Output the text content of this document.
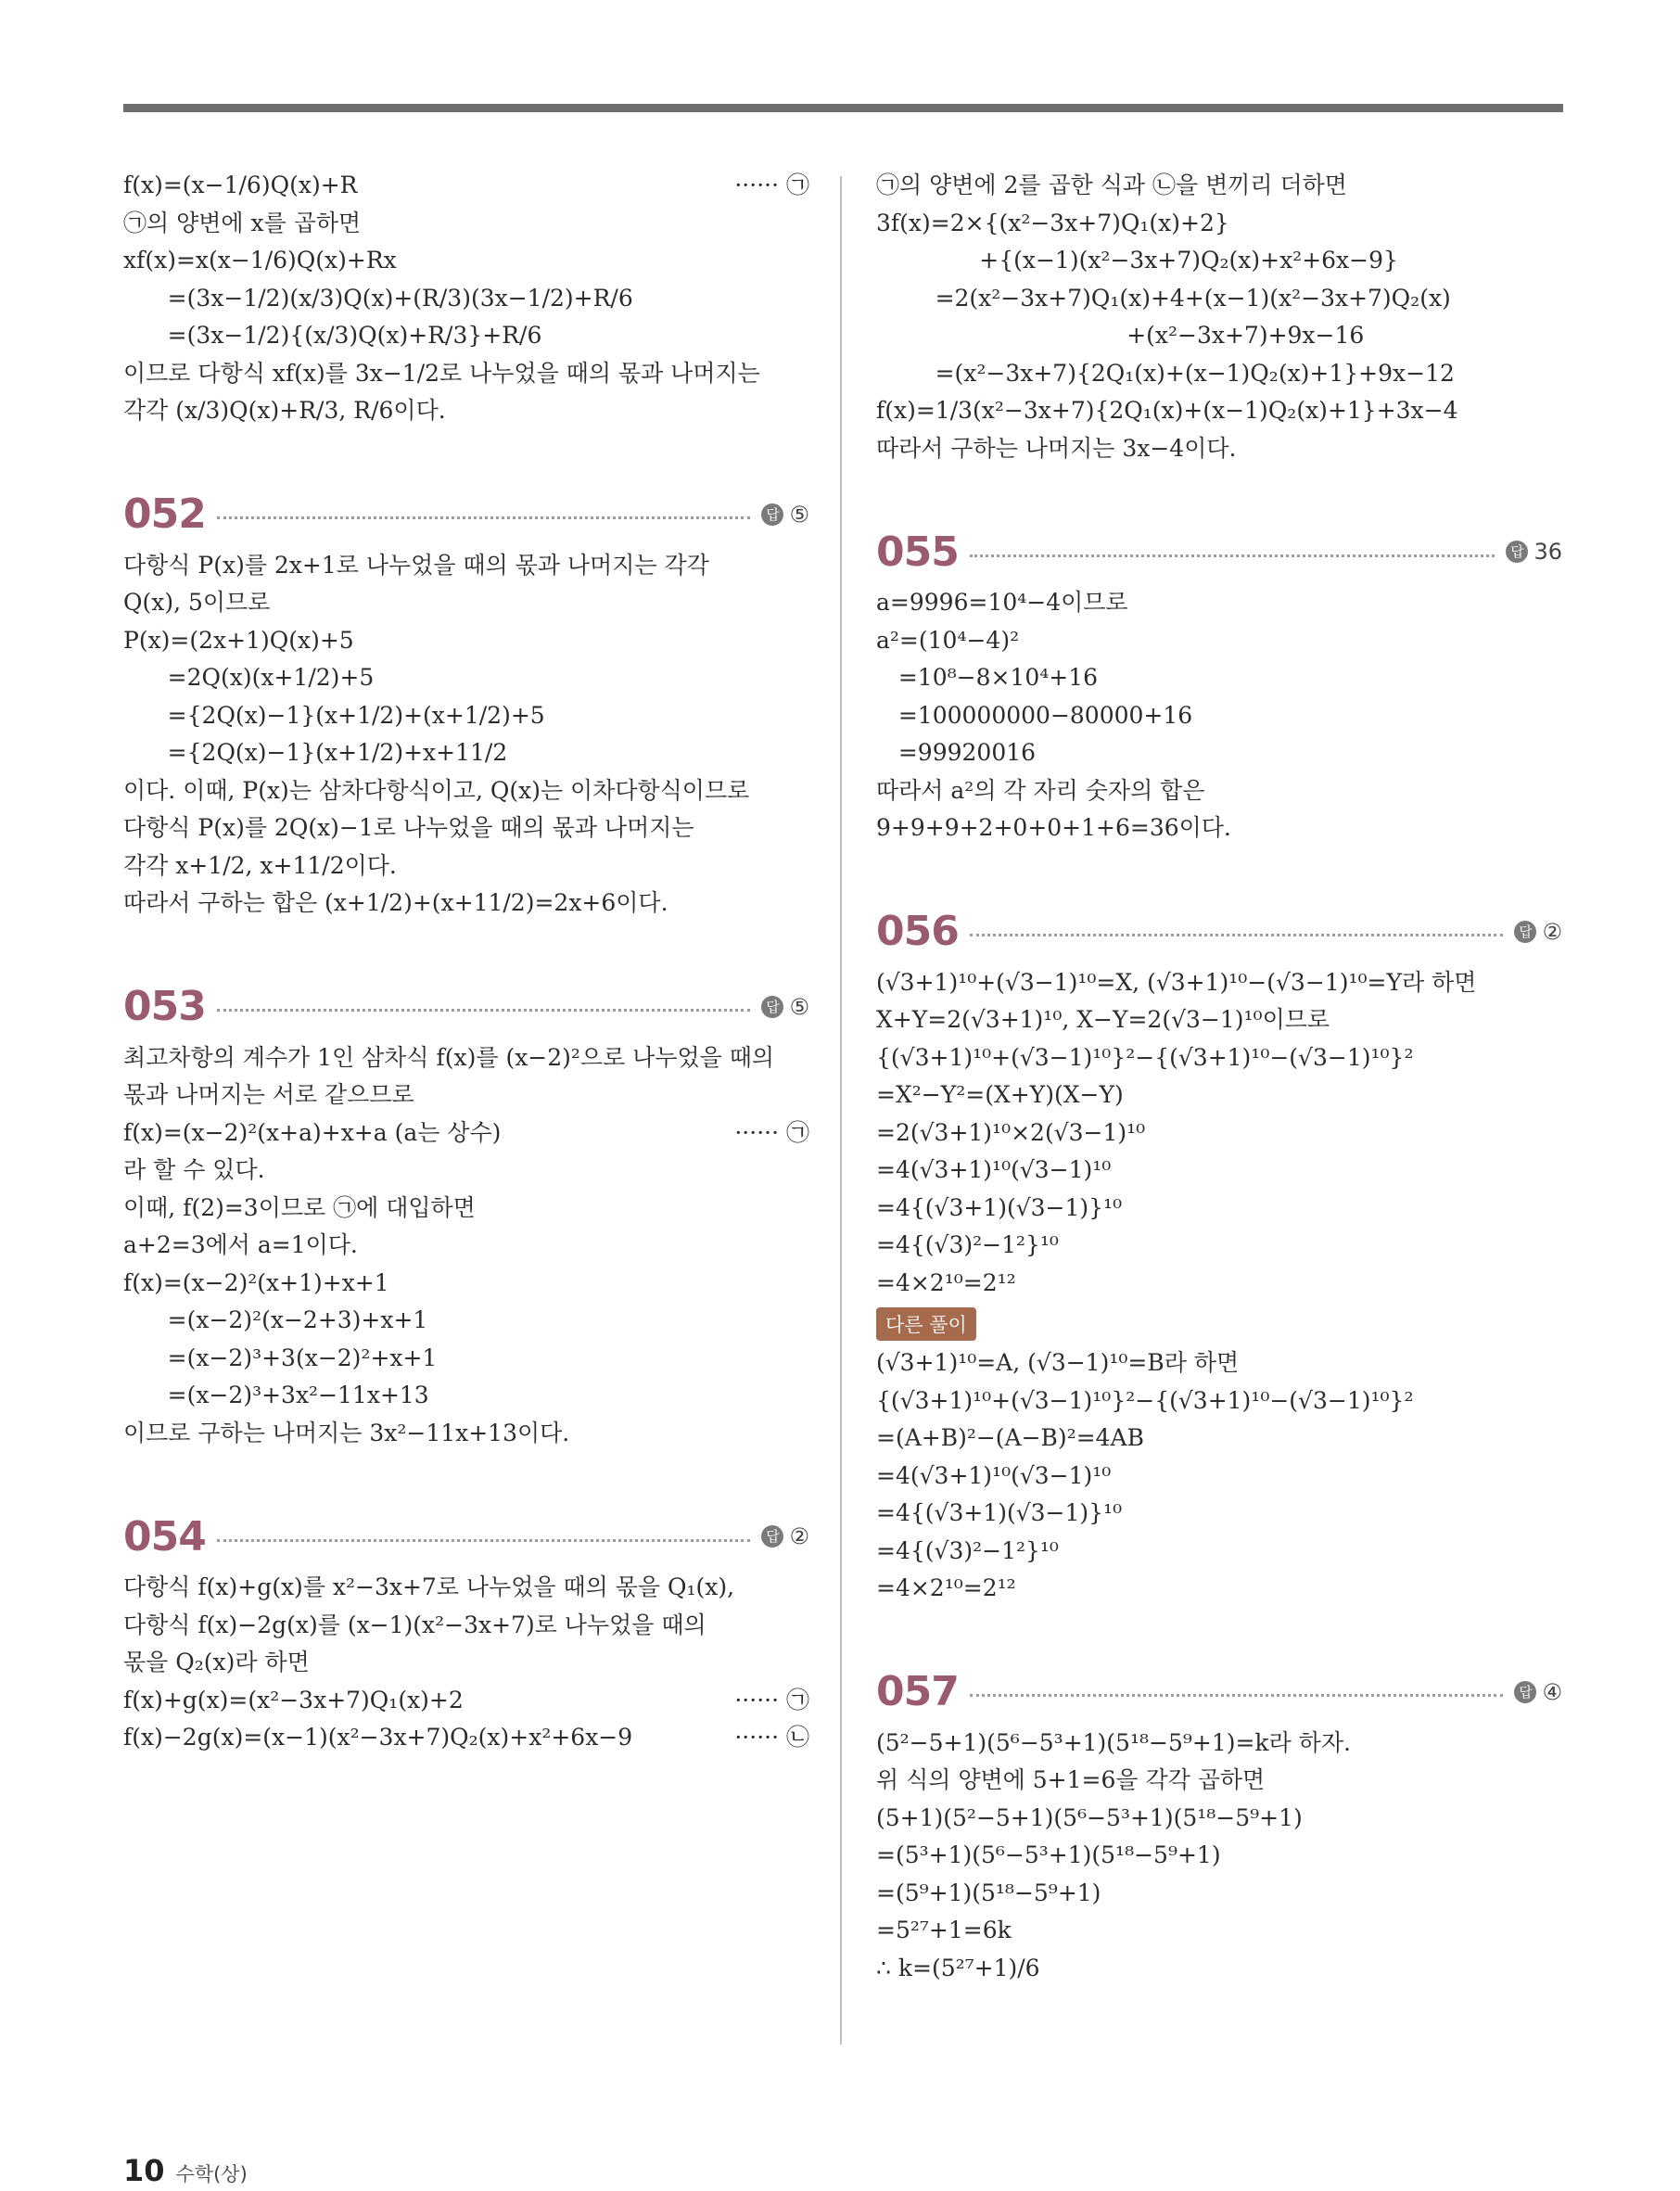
f(x)=(x−1/6)Q(x)+R	······ ㉠
㉠의 양변에 x를 곱하면
xf(x)=x(x−1/6)Q(x)+Rx
=(3x−1/2)(x/3)Q(x)+(R/3)(3x−1/2)+R/6
=(3x−1/2){(x/3)Q(x)+R/3}+R/6
이므로 다항식 xf(x)를 3x−1/2로 나누었을 때의 몫과 나머지는
각각 (x/3)Q(x)+R/3, R/6이다.
052	답 ⑤
다항식 P(x)를 2x+1로 나누었을 때의 몫과 나머지는 각각
Q(x), 5이므로
P(x)=(2x+1)Q(x)+5
=2Q(x)(x+1/2)+5
={2Q(x)−1}(x+1/2)+(x+1/2)+5
={2Q(x)−1}(x+1/2)+x+11/2
이다. 이때, P(x)는 삼차다항식이고, Q(x)는 이차다항식이므로
다항식 P(x)를 2Q(x)−1로 나누었을 때의 몫과 나머지는
각각 x+1/2, x+11/2이다.
따라서 구하는 합은 (x+1/2)+(x+11/2)=2x+6이다.
053	답 ⑤
최고차항의 계수가 1인 삼차식 f(x)를 (x−2)²으로 나누었을 때의
몫과 나머지는 서로 같으므로
f(x)=(x−2)²(x+a)+x+a (a는 상수)	······ ㉠
라 할 수 있다.
이때, f(2)=3이므로 ㉠에 대입하면
a+2=3에서 a=1이다.
f(x)=(x−2)²(x+1)+x+1
=(x−2)²(x−2+3)+x+1
=(x−2)³+3(x−2)²+x+1
=(x−2)³+3x²−11x+13
이므로 구하는 나머지는 3x²−11x+13이다.
054	답 ②
다항식 f(x)+g(x)를 x²−3x+7로 나누었을 때의 몫을 Q₁(x),
다항식 f(x)−2g(x)를 (x−1)(x²−3x+7)로 나누었을 때의
몫을 Q₂(x)라 하면
f(x)+g(x)=(x²−3x+7)Q₁(x)+2	······ ㉠
f(x)−2g(x)=(x−1)(x²−3x+7)Q₂(x)+x²+6x−9	······ ㉡
㉠의 양변에 2를 곱한 식과 ㉡을 변끼리 더하면
3f(x)=2×{(x²−3x+7)Q₁(x)+2}
+{(x−1)(x²−3x+7)Q₂(x)+x²+6x−9}
=2(x²−3x+7)Q₁(x)+4+(x−1)(x²−3x+7)Q₂(x)
+(x²−3x+7)+9x−16
=(x²−3x+7){2Q₁(x)+(x−1)Q₂(x)+1}+9x−12
f(x)=1/3(x²−3x+7){2Q₁(x)+(x−1)Q₂(x)+1}+3x−4
따라서 구하는 나머지는 3x−4이다.
055	답 36
a=9996=10⁴−4이므로
a²=(10⁴−4)²
=10⁸−8×10⁴+16
=100000000−80000+16
=99920016
따라서 a²의 각 자리 숫자의 합은
9+9+9+2+0+0+1+6=36이다.
056	답 ②
(√3+1)¹⁰+(√3−1)¹⁰=X, (√3+1)¹⁰−(√3−1)¹⁰=Y라 하면
X+Y=2(√3+1)¹⁰, X−Y=2(√3−1)¹⁰이므로
{(√3+1)¹⁰+(√3−1)¹⁰}²−{(√3+1)¹⁰−(√3−1)¹⁰}²
=X²−Y²=(X+Y)(X−Y)
=2(√3+1)¹⁰×2(√3−1)¹⁰
=4(√3+1)¹⁰(√3−1)¹⁰
=4{(√3+1)(√3−1)}¹⁰
=4{(√3)²−1²}¹⁰
=4×2¹⁰=2¹²
다른 풀이
(√3+1)¹⁰=A, (√3−1)¹⁰=B라 하면
{(√3+1)¹⁰+(√3−1)¹⁰}²−{(√3+1)¹⁰−(√3−1)¹⁰}²
=(A+B)²−(A−B)²=4AB
=4(√3+1)¹⁰(√3−1)¹⁰
=4{(√3+1)(√3−1)}¹⁰
=4{(√3)²−1²}¹⁰
=4×2¹⁰=2¹²
057	답 ④
(5²−5+1)(5⁶−5³+1)(5¹⁸−5⁹+1)=k라 하자.
위 식의 양변에 5+1=6을 각각 곱하면
(5+1)(5²−5+1)(5⁶−5³+1)(5¹⁸−5⁹+1)
=(5³+1)(5⁶−5³+1)(5¹⁸−5⁹+1)
=(5⁹+1)(5¹⁸−5⁹+1)
=5²⁷+1=6k
∴ k=(5²⁷+1)/6
10 수학(상)
